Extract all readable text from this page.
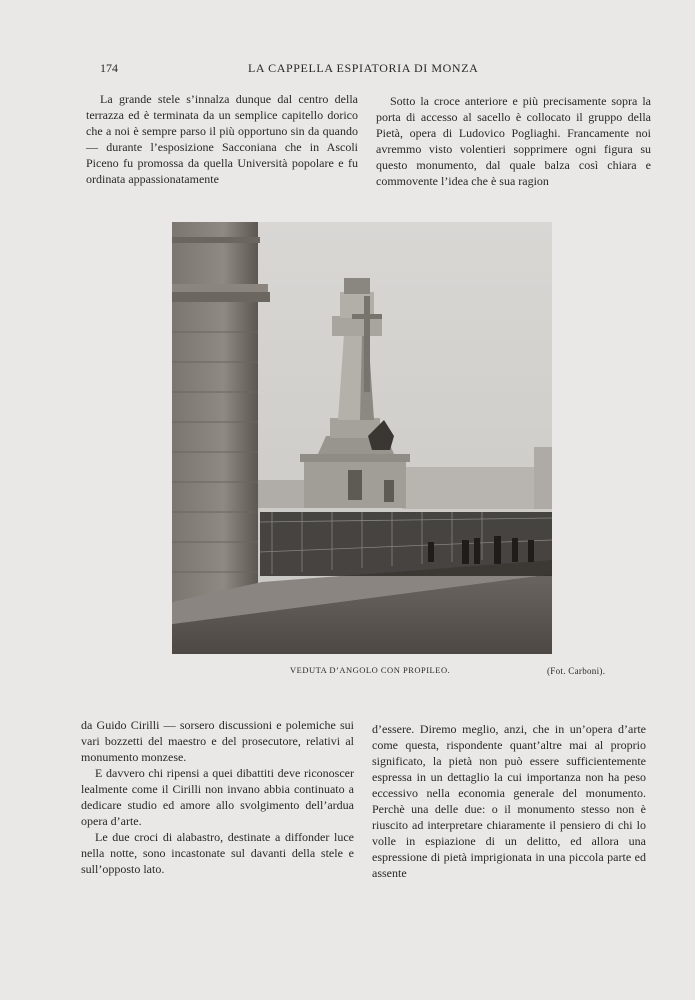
174	LA CAPPELLA ESPIATORIA DI MONZA

La grande stele s’innalza dunque dal centro della terrazza ed è terminata da un semplice capitello dorico che a noi è sempre parso il più opportuno sin da quando — durante l’esposizione Sacconiana che in Ascoli Piceno fu promossa da quella Università popolare e fu ordinata appassionatamente

Sotto la croce anteriore e più precisamente sopra la porta di accesso al sacello è collocato il gruppo della Pietà, opera di Ludovico Pogliaghi. Francamente noi avremmo visto volentieri sopprimere ogni figura su questo monumento, dal quale balza così chiara e commovente l’idea che è sua ragion

VEDUTA D’ANGOLO CON PROPILEO.	(Fot. Carboni).

da Guido Cirilli — sorsero discussioni e polemiche sui vari bozzetti del maestro e del prosecutore, relativi al monumento monzese.

E davvero chi ripensi a quei dibattiti deve riconoscer lealmente come il Cirilli non invano abbia continuato a dedicare studio ed amore allo svolgimento dell’ardua opera d’arte.

Le due croci di alabastro, destinate a diffonder luce nella notte, sono incastonate sul davanti della stele e sull’opposto lato.

d’essere. Diremo meglio, anzi, che in un’opera d’arte come questa, rispondente quant’altre mai al proprio significato, la pietà non può essere sufficientemente espressa in un dettaglio la cui importanza non ha peso eccessivo nella economia generale del monumento. Perchè una delle due: o il monumento stesso non è riuscito ad interpretare chiaramente il pensiero di chi lo volle in espiazione di un delitto, ed allora una espressione di pietà imprigionata in una piccola parte ed assente
